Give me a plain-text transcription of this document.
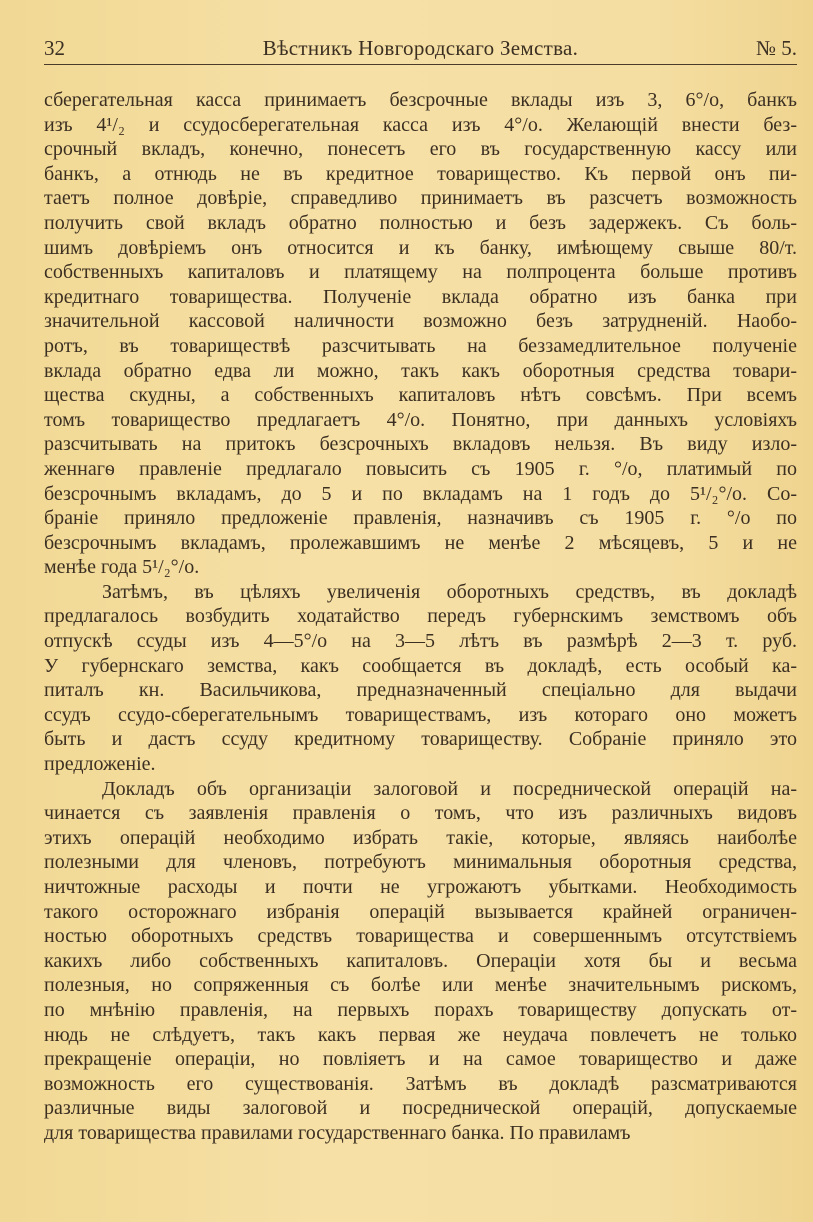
32	Вѣстникъ Новгородскаго Земства.	№ 5.
сберегательная касса принимаетъ безсрочные вклады изъ 3, 6°/o, банкъ
изъ 4¹/₂ и ссудосберегательная касса изъ 4°/o. Желающій внести без-
срочный вкладъ, конечно, понесетъ его въ государственную кассу или
банкъ, а отнюдь не въ кредитное товарищество. Къ первой онъ пи-
таетъ полное довѣріе, справедливо принимаетъ въ разсчетъ возможность
получить свой вкладъ обратно полностью и безъ задержекъ. Съ боль-
шимъ довѣріемъ онъ относится и къ банку, имѣющему свыше 80/т.
собственныхъ капиталовъ и платящему на полпроцента больше противъ
кредитнаго товарищества. Полученіе вклада обратно изъ банка при
значительной кассовой наличности возможно безъ затрудненій. Наобо-
ротъ, въ товариществѣ разсчитывать на беззамедлительное полученіе
вклада обратно едва ли можно, такъ какъ оборотныя средства товари-
щества скудны, а собственныхъ капиталовъ нѣтъ совсѣмъ. При всемъ
томъ товарищество предлагаетъ 4°/o. Понятно, при данныхъ условіяхъ
разсчитывать на притокъ безсрочныхъ вкладовъ нельзя. Въ виду изло-
женнагѳ правленіе предлагало повысить съ 1905 г. °/o, платимый по
безсрочнымъ вкладамъ, до 5 и по вкладамъ на 1 годъ до 5¹/₂°/o. Со-
браніе приняло предложеніе правленія, назначивъ съ 1905 г. °/o по
безсрочнымъ вкладамъ, пролежавшимъ не менѣе 2 мѣсяцевъ, 5 и не
менѣе года 5¹/₂°/o.
Затѣмъ, въ цѣляхъ увеличенія оборотныхъ средствъ, въ докладѣ
предлагалось возбудить ходатайство передъ губернскимъ земствомъ объ
отпускѣ ссуды изъ 4—5°/o на 3—5 лѣтъ въ размѣрѣ 2—3 т. руб.
У губернскаго земства, какъ сообщается въ докладѣ, есть особый ка-
питалъ кн. Васильчикова, предназначенный спеціально для выдачи
ссудъ ссудо-сберегательнымъ товариществамъ, изъ котораго оно можетъ
быть и дастъ ссуду кредитному товариществу. Собраніе приняло это
предложеніе.
Докладъ объ организаціи залоговой и посреднической операцій на-
чинается съ заявленія правленія о томъ, что изъ различныхъ видовъ
этихъ операцій необходимо избрать такіе, которые, являясь наиболѣе
полезными для членовъ, потребуютъ минимальныя оборотныя средства,
ничтожные расходы и почти не угрожаютъ убытками. Необходимость
такого осторожнаго избранія операцій вызывается крайней ограничен-
ностью оборотныхъ средствъ товарищества и совершеннымъ отсутствіемъ
какихъ либо собственныхъ капиталовъ. Операціи хотя бы и весьма
полезныя, но сопряженныя съ болѣе или менѣе значительнымъ рискомъ,
по мнѣнію правленія, на первыхъ порахъ товариществу допускать от-
нюдь не слѣдуетъ, такъ какъ первая же неудача повлечетъ не только
прекращеніе операціи, но повліяетъ и на самое товарищество и даже
возможность его существованія. Затѣмъ въ докладѣ разсматриваются
различные виды залоговой и посреднической операцій, допускаемые
для товарищества правилами государственнаго банка. По правиламъ
